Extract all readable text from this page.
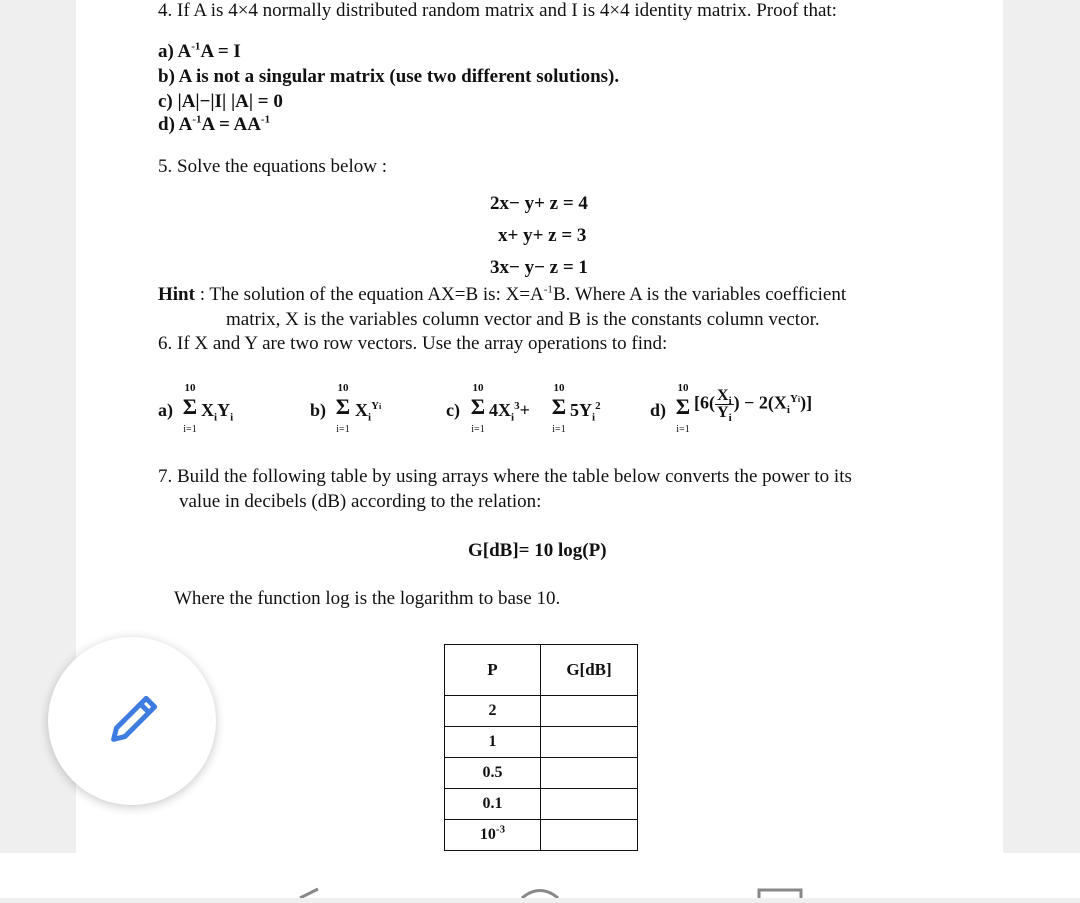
4. If A is 4×4 normally distributed random matrix and I is 4×4 identity matrix. Proof that:
a) $A^{-1}A = I$
b) A is not a singular matrix (use two different solutions).
c) |A|−|I| |A| = 0
d) $A^{-1}A = AA^{-1}$
5. Solve the equations below :
2x− y+ z = 4
x+ y+ z = 3
3x− y− z = 1
Hint : The solution of the equation AX=B is: $X=A^{-1}B$. Where A is the variables coefficient
matrix, X is the variables column vector and B is the constants column vector.
6. If X and Y are two row vectors. Use the array operations to find:
a)
10
Σ
i=1
$X_iY_i$	b)
10
Σ
i=1
$X_i^{Yi}$	c)
10
Σ
i=1
$4X_i^3+$
10
Σ
i=1
$5Y_i^2$	d)
10
Σ
i=1
[$6( \frac{X_i}{Y_i}$ ) − $2(X_i^{Yi})$]
7. Build the following table by using arrays where the table below converts the power to its
value in decibels (dB) according to the relation:
G[dB]= 10 log(P)
Where the function log is the logarithm to base 10.
P	G[dB]
2	
1	
0.5	
0.1	
$10^{-3}$	
